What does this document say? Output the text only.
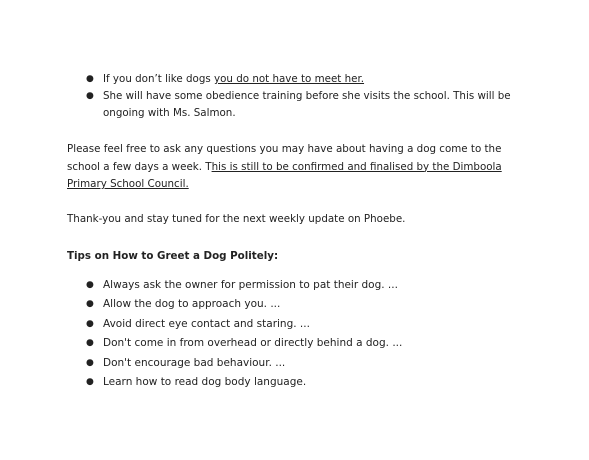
● If you don’t like dogs you do not have to meet her.
● She will have some obedience training before she visits the school. This will be ongoing with Ms. Salmon.
Please feel free to ask any questions you may have about having a dog come to the school a few days a week. This is still to be confirmed and finalised by the Dimboola Primary School Council.
Thank-you and stay tuned for the next weekly update on Phoebe.
Tips on How to Greet a Dog Politely:
● Always ask the owner for permission to pat their dog. ...
● Allow the dog to approach you. ...
● Avoid direct eye contact and staring. ...
● Don't come in from overhead or directly behind a dog. ...
● Don't encourage bad behaviour. ...
● Learn how to read dog body language.
